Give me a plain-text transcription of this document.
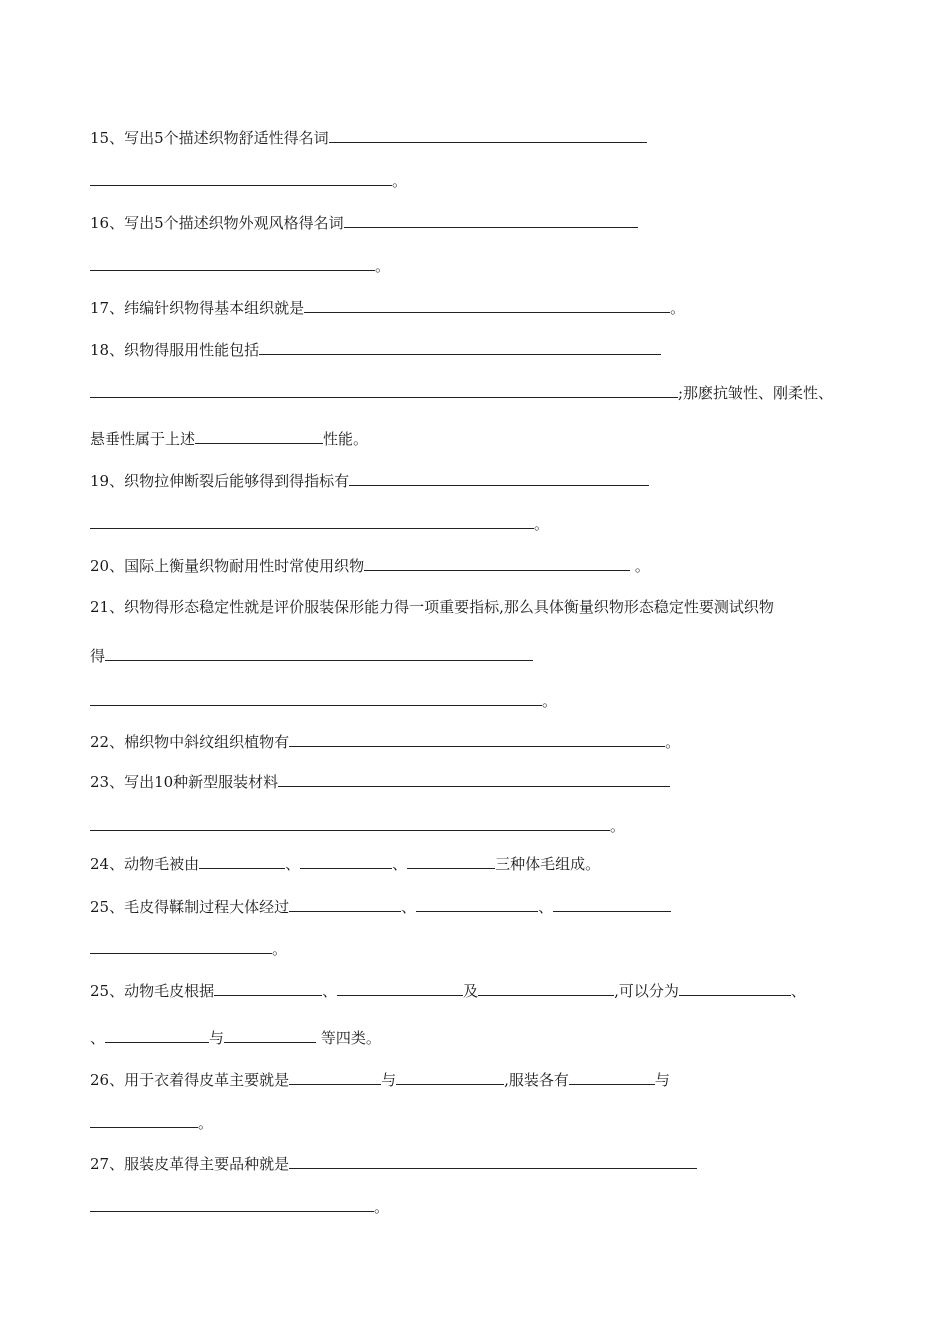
15、写出5个描述织物舒适性得名词
。
16、写出5个描述织物外观风格得名词
。
17、纬编针织物得基本组织就是	。
18、织物得服用性能包括
;那麽抗皱性、刚柔性、
悬垂性属于上述	性能。
19、织物拉伸断裂后能够得到得指标有
。
20、国际上衡量织物耐用性时常使用织物	。
21、织物得形态稳定性就是评价服装保形能力得一项重要指标,那么具体衡量织物形态稳定性要测试织物
得
。
22、棉织物中斜纹组织植物有	。
23、写出10种新型服装材料
。
24、动物毛被由	、	、	三种体毛组成。
25、毛皮得鞣制过程大体经过	、	、
。
25、动物毛皮根据	、	及	,可以分为	、
、	与	等四类。
26、用于衣着得皮革主要就是	与	,服装各有	与
。
27、服装皮革得主要品种就是
。
